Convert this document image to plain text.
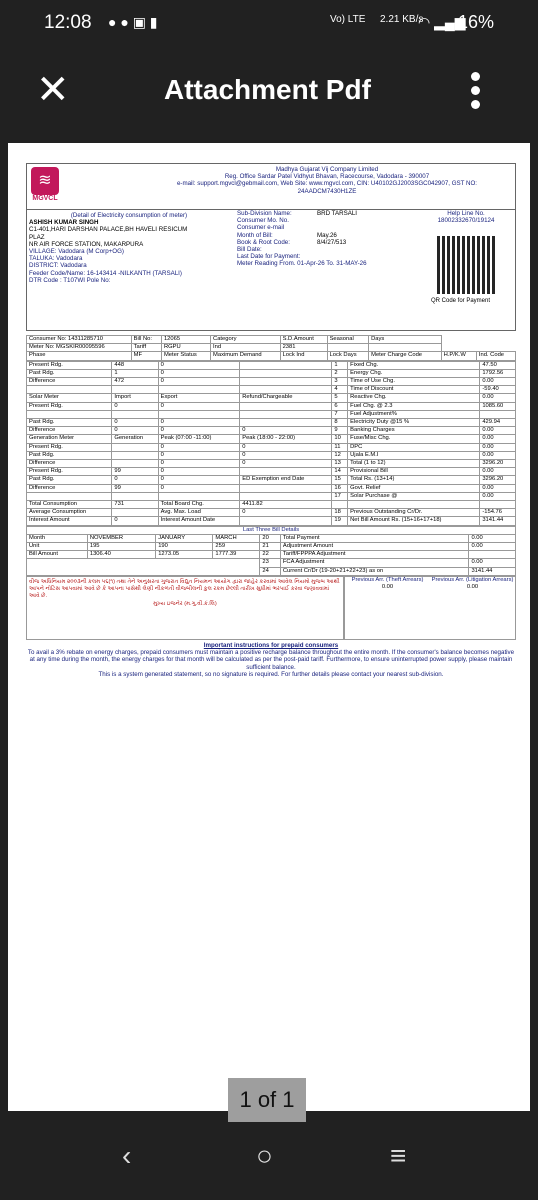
12:08 ● ● ▣ ▮	Vo) LTE 2.21 KB/s
◠ ▂▄▆
16%
✕	Attachment Pdf
≋
MGVCL
Madhya Gujarat Vij Company Limited
Reg. Office Sardar Patel Vidhyut Bhavan, Racecourse, Vadodara - 390007
e-mail: support.mgvcl@gebmail.com, Web Site: www.mgvcl.com, CIN: U40102GJ2003SGC042907, GST NO:
24AADCM7430H1ZE
(Detail of Electricity consumption of meter)
ASHISH KUMAR SINGH
C1-401,HARI DARSHAN PALACE,BH HAVELI RESICUM
PLAZ
NR AIR FORCE STATION, MAKARPURA
VILLAGE: Vadodara (M Corp+OG)
TALUKA: Vadodara
DISTRICT: Vadodara
Feeder Code/Name: 16-143414 -NILKANTH (TARSALI)
DTR Code : T107WI Pole No:
Sub-Division Name:	BRD TARSALI
Consumer Mo. No.
Consumer e-mail
Month of Bill:	May.26
Book & Root Code:	8/4/27/513
Bill Date:
Last Date for Payment:
Meter Reading From. 01-Apr-26 To. 31-MAY-26
Help Line No.
18002332670/19124
QR Code for Payment
Consumer No: 14311285710	Bill No:	12065	Category	S.D.Amount	Seasonal	Days		
Meter No: MGSKIR00095596	Tariff	RGPU	Ind	2381				
Phase	MF	Meter Status	Maximum Demand	Lock Ind	Lock Days	Meter Charge Code	H.P/K.W	Ind. Code
Present Rdg.	448	0		1	Fixed Chg.	47.50
Past Rdg.	1	0		2	Energy Chg.	1792.56
Difference	472	0		3	Time of Use Chg.	0.00
				4	Time of Discount	-59.40
Solar Meter	Import	Export	Refund/Chargeable	5	Reactive Chg.	0.00
Present Rdg.	0	0		6	Fuel Chg. @ 2.3	1085.60
				7	Fuel Adjustment%	
Past Rdg.	0	0		8	Electricity Duty @15 %	429.94
Difference	0	0	0	9	Banking Charges	0.00
Generation Meter	Generation	Peak (07:00 -11:00)	Peak (18:00 - 22:00)	10	Fuse/Misc Chg.	0.00
Present Rdg.		0	0	11	DPC	0.00
Past Rdg.		0	0	12	Ujala E.M.I	0.00
Difference		0	0	13	Total (1 to 12)	3296.20
Present Rdg.	99	0		14	Provisional Bill	0.00
Past Rdg.	0	0	ED Exemption end Date	15	Total Rs. (13+14)	3296.20
Difference	99	0		16	Govt. Relief	0.00
				17	Solar Purchase @	0.00
Total Consumption	731	Total Board Chg.	4411.82			
Average Consumption		Avg. Max. Load	0	18	Previous Outstanding Cr/Dr.	-154.76
Interest Amount	0	Interest Amount Date		19	Net Bill Amount Rs. (15+16+17+18)	3141.44
Last Three Bill Details						
Month	NOVEMBER	JANUARY	MARCH	20	Total Payment	0.00
Unit	195	190	259	21	Adjustment Amount	0.00
Bill Amount	1306.40	1273.05	1777.39	22	Tariff/FPPPA Adjustment	
				23	FCA Adjustment	0.00
				24	Current Cr/Dr (19-20+21+22+23) as on	3141.44
વીજ અધિનિયમ ૨૦૦૩ની કલમ ૫૬(૧) તથા તેને અનુસરતા ગુજરાત વિદ્યુત નિયમન આયોગ દ્વારા જાહેર કરવામાં આવેલ નિયમો મુજબ આથી આપને નોટિસ આપવામાં આવે છે કે આપના પાસેથી લેણી નીકળતી વીજબીલની કુલ રકમ છેલ્લી તારીખ સુધીમાં ભરપાઈ કરવા જણાવવામાં આવે છે.
મુખ્ય ઇજનેર (મ.ગુ.વી.કં.લિ)
Previous Arr. (Theft Arrears)	Previous Arr. (Litigation Arrears)
0.00	0.00
Important instructions for prepaid consumers
To avail a 3% rebate on energy charges, prepaid consumers must maintain a positive recharge balance throughout the entire month. If the consumer's balance becomes negative at any time during the month, the energy charges for that month will be calculated as per the post-paid tariff. Furthermore, to ensure uninterrupted power supply, please maintain sufficient balance.
This is a system generated statement, so no signature is required. For further details please contact your nearest sub-division.
1 of 1
‹	○	≡
